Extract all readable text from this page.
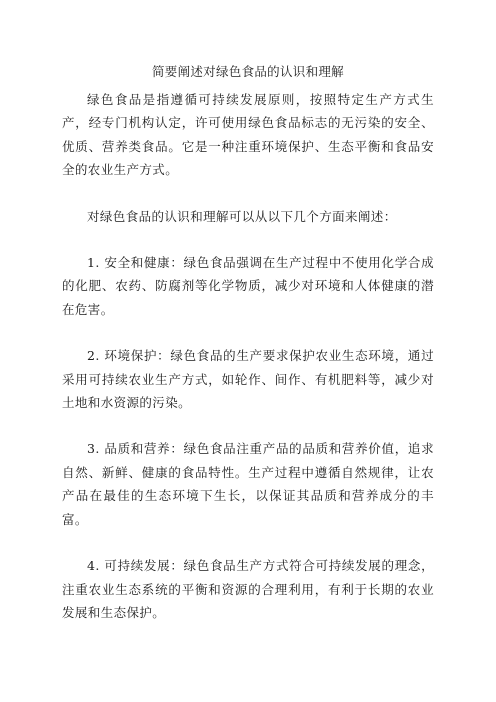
简要阐述对绿色食品的认识和理解

绿色食品是指遵循可持续发展原则，按照特定生产方式生产，经专门机构认定，许可使用绿色食品标志的无污染的安全、优质、营养类食品。它是一种注重环境保护、生态平衡和食品安全的农业生产方式。

对绿色食品的认识和理解可以从以下几个方面来阐述：

1. 安全和健康：绿色食品强调在生产过程中不使用化学合成的化肥、农药、防腐剂等化学物质，减少对环境和人体健康的潜在危害。

2. 环境保护：绿色食品的生产要求保护农业生态环境，通过采用可持续农业生产方式，如轮作、间作、有机肥料等，减少对土地和水资源的污染。

3. 品质和营养：绿色食品注重产品的品质和营养价值，追求自然、新鲜、健康的食品特性。生产过程中遵循自然规律，让农产品在最佳的生态环境下生长，以保证其品质和营养成分的丰富。

4. 可持续发展：绿色食品生产方式符合可持续发展的理念，注重农业生态系统的平衡和资源的合理利用，有利于长期的农业发展和生态保护。
